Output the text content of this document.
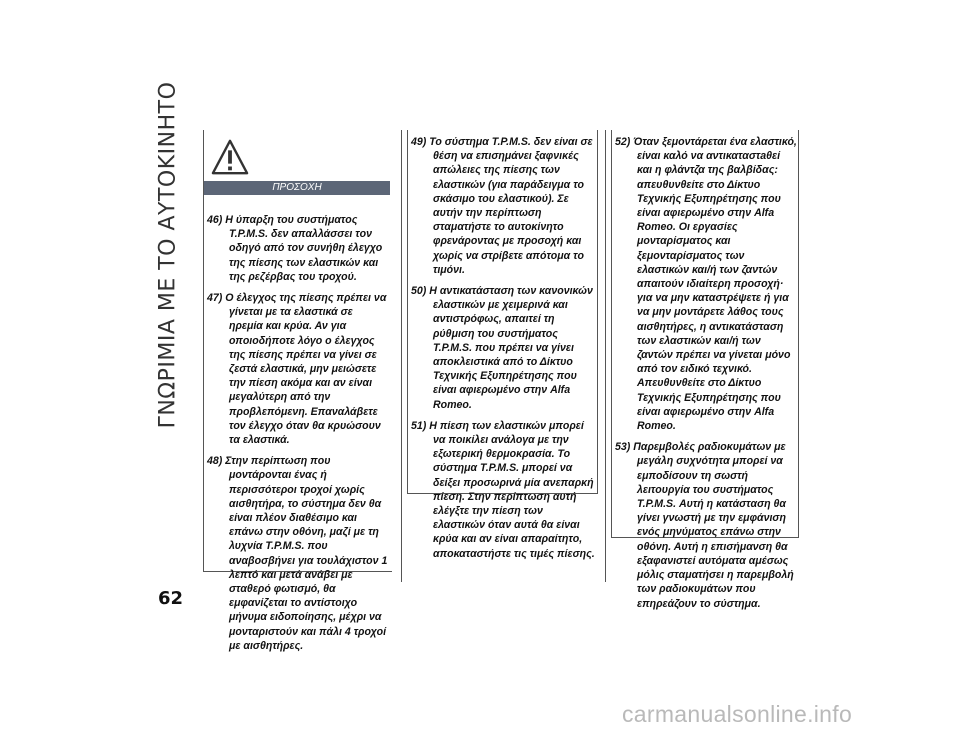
ΓΝΩΡΙΜΙΑ ΜΕ ΤΟ ΑΥΤΟΚΙΝΗΤΟ
62
ΠΡΟΣΟΧΗ

46) Η ύπαρξη του συστήματος Τ.Ρ.Μ.S. δεν απαλλάσσει τον οδηγό από τον συνήθη έλεγχο της πίεσης των ελαστικών και της ρεζέρβας του τροχού.

47) Ο έλεγχος της πίεσης πρέπει να γίνεται με τα ελαστικά σε ηρεμία και κρύα. Αν για οποιοδήποτε λόγο ο έλεγχος της πίεσης πρέπει να γίνει σε ζεστά ελαστικά, μην μειώσετε την πίεση ακόμα και αν είναι μεγαλύτερη από την προβλεπόμενη. Επαναλάβετε τον έλεγχο όταν θα κρυώσουν τα ελαστικά.

48) Στην περίπτωση που μοντάρονται ένας ή περισσότεροι τροχοί χωρίς αισθητήρα, το σύστημα δεν θα είναι πλέον διαθέσιμο και επάνω στην οθόνη, μαζί με τη λυχνία Τ.Ρ.Μ.S. που αναβοσβήνει για τουλάχιστον 1 λεπτό και μετά ανάβει με σταθερό φωτισμό, θα εμφανίζεται το αντίστοιχο μήνυμα ειδοποίησης, μέχρι να μονταριστούν και πάλι 4 τροχοί με αισθητήρες.

49) Το σύστημα Τ.Ρ.Μ.S. δεν είναι σε θέση να επισημάνει ξαφνικές απώλειες της πίεσης των ελαστικών (για παράδειγμα το σκάσιμο του ελαστικού). Σε αυτήν την περίπτωση σταματήστε το αυτοκίνητο φρενάροντας με προσοχή και χωρίς να στρίβετε απότομα το τιμόνι.

50) Η αντικατάσταση των κανονικών ελαστικών με χειμερινά και αντιστρόφως, απαιτεί τη ρύθμιση του συστήματος Τ.Ρ.Μ.S. που πρέπει να γίνει αποκλειστικά από το Δίκτυο Τεχνικής Εξυπηρέτησης που είναι αφιερωμένο στην Alfa Romeo.

51) Η πίεση των ελαστικών μπορεί να ποικίλει ανάλογα με την εξωτερική θερμοκρασία. Το σύστημα Τ.Ρ.Μ.S. μπορεί να δείξει προσωρινά μία ανεπαρκή πίεση. Στην περίπτωση αυτή ελέγξτε την πίεση των ελαστικών όταν αυτά θα είναι κρύα και αν είναι απαραίτητο, αποκαταστήστε τις τιμές πίεσης.

52) Όταν ξεμοντάρεται ένα ελαστικό, είναι καλό να αντικαταστaθεί και η φλάντζα της βαλβίδας: απευθυνθείτε στο Δίκτυο Τεχνικής Εξυπηρέτησης που είναι αφιερωμένο στην Alfa Romeo. Οι εργασίες μονταρίσματος και ξεμονταρίσματος των ελαστικών και/ή των ζαντών απαιτούν ιδιαίτερη προσοχή· για να μην καταστρέψετε ή για να μην μοντάρετε λάθος τους αισθητήρες, η αντικατάσταση των ελαστικών και/ή των ζαντών πρέπει να γίνεται μόνο από τον ειδικό τεχνικό. Απευθυνθείτε στο Δίκτυο Τεχνικής Εξυπηρέτησης που είναι αφιερωμένο στην Alfa Romeo.

53) Παρεμβολές ραδιοκυμάτων με μεγάλη συχνότητα μπορεί να εμποδίσουν τη σωστή λειτουργία του συστήματος Τ.Ρ.Μ.S. Αυτή η κατάσταση θα γίνει γνωστή με την εμφάνιση ενός μηνύματος επάνω στην οθόνη. Αυτή η επισήμανση θα εξαφανιστεί αυτόματα αμέσως μόλις σταματήσει η παρεμβολή των ραδιοκυμάτων που επηρεάζουν το σύστημα.

carmanualsonline.info
